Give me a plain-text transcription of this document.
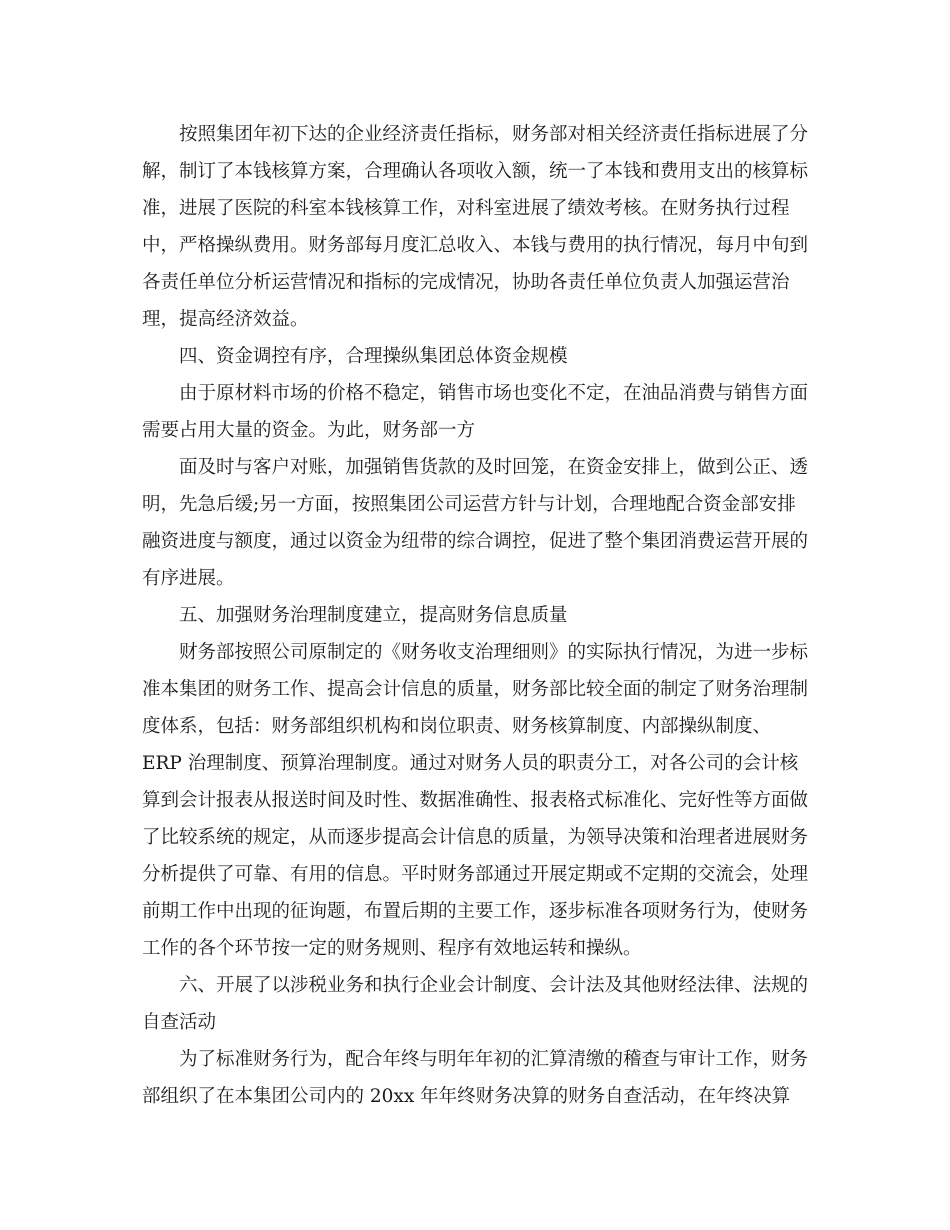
按照集团年初下达的企业经济责任指标，财务部对相关经济责任指标进展了分解，制订了本钱核算方案，合理确认各项收入额，统一了本钱和费用支出的核算标准，进展了医院的科室本钱核算工作，对科室进展了绩效考核。在财务执行过程中，严格操纵费用。财务部每月度汇总收入、本钱与费用的执行情况，每月中旬到各责任单位分析运营情况和指标的完成情况，协助各责任单位负责人加强运营治理，提高经济效益。

四、资金调控有序，合理操纵集团总体资金规模

由于原材料市场的价格不稳定，销售市场也变化不定，在油品消费与销售方面需要占用大量的资金。为此，财务部一方

面及时与客户对账，加强销售货款的及时回笼，在资金安排上，做到公正、透明，先急后缓;另一方面，按照集团公司运营方针与计划，合理地配合资金部安排融资进度与额度，通过以资金为纽带的综合调控，促进了整个集团消费运营开展的有序进展。

五、加强财务治理制度建立，提高财务信息质量

财务部按照公司原制定的《财务收支治理细则》的实际执行情况，为进一步标准本集团的财务工作、提高会计信息的质量，财务部比较全面的制定了财务治理制度体系，包括：财务部组织机构和岗位职责、财务核算制度、内部操纵制度、ERP 治理制度、预算治理制度。通过对财务人员的职责分工，对各公司的会计核算到会计报表从报送时间及时性、数据准确性、报表格式标准化、完好性等方面做了比较系统的规定，从而逐步提高会计信息的质量，为领导决策和治理者进展财务分析提供了可靠、有用的信息。平时财务部通过开展定期或不定期的交流会，处理前期工作中出现的征询题，布置后期的主要工作，逐步标准各项财务行为，使财务工作的各个环节按一定的财务规则、程序有效地运转和操纵。

六、开展了以涉税业务和执行企业会计制度、会计法及其他财经法律、法规的自查活动

为了标准财务行为，配合年终与明年年初的汇算清缴的稽查与审计工作，财务部组织了在本集团公司内的 20xx 年年终财务决算的财务自查活动，在年终决算
